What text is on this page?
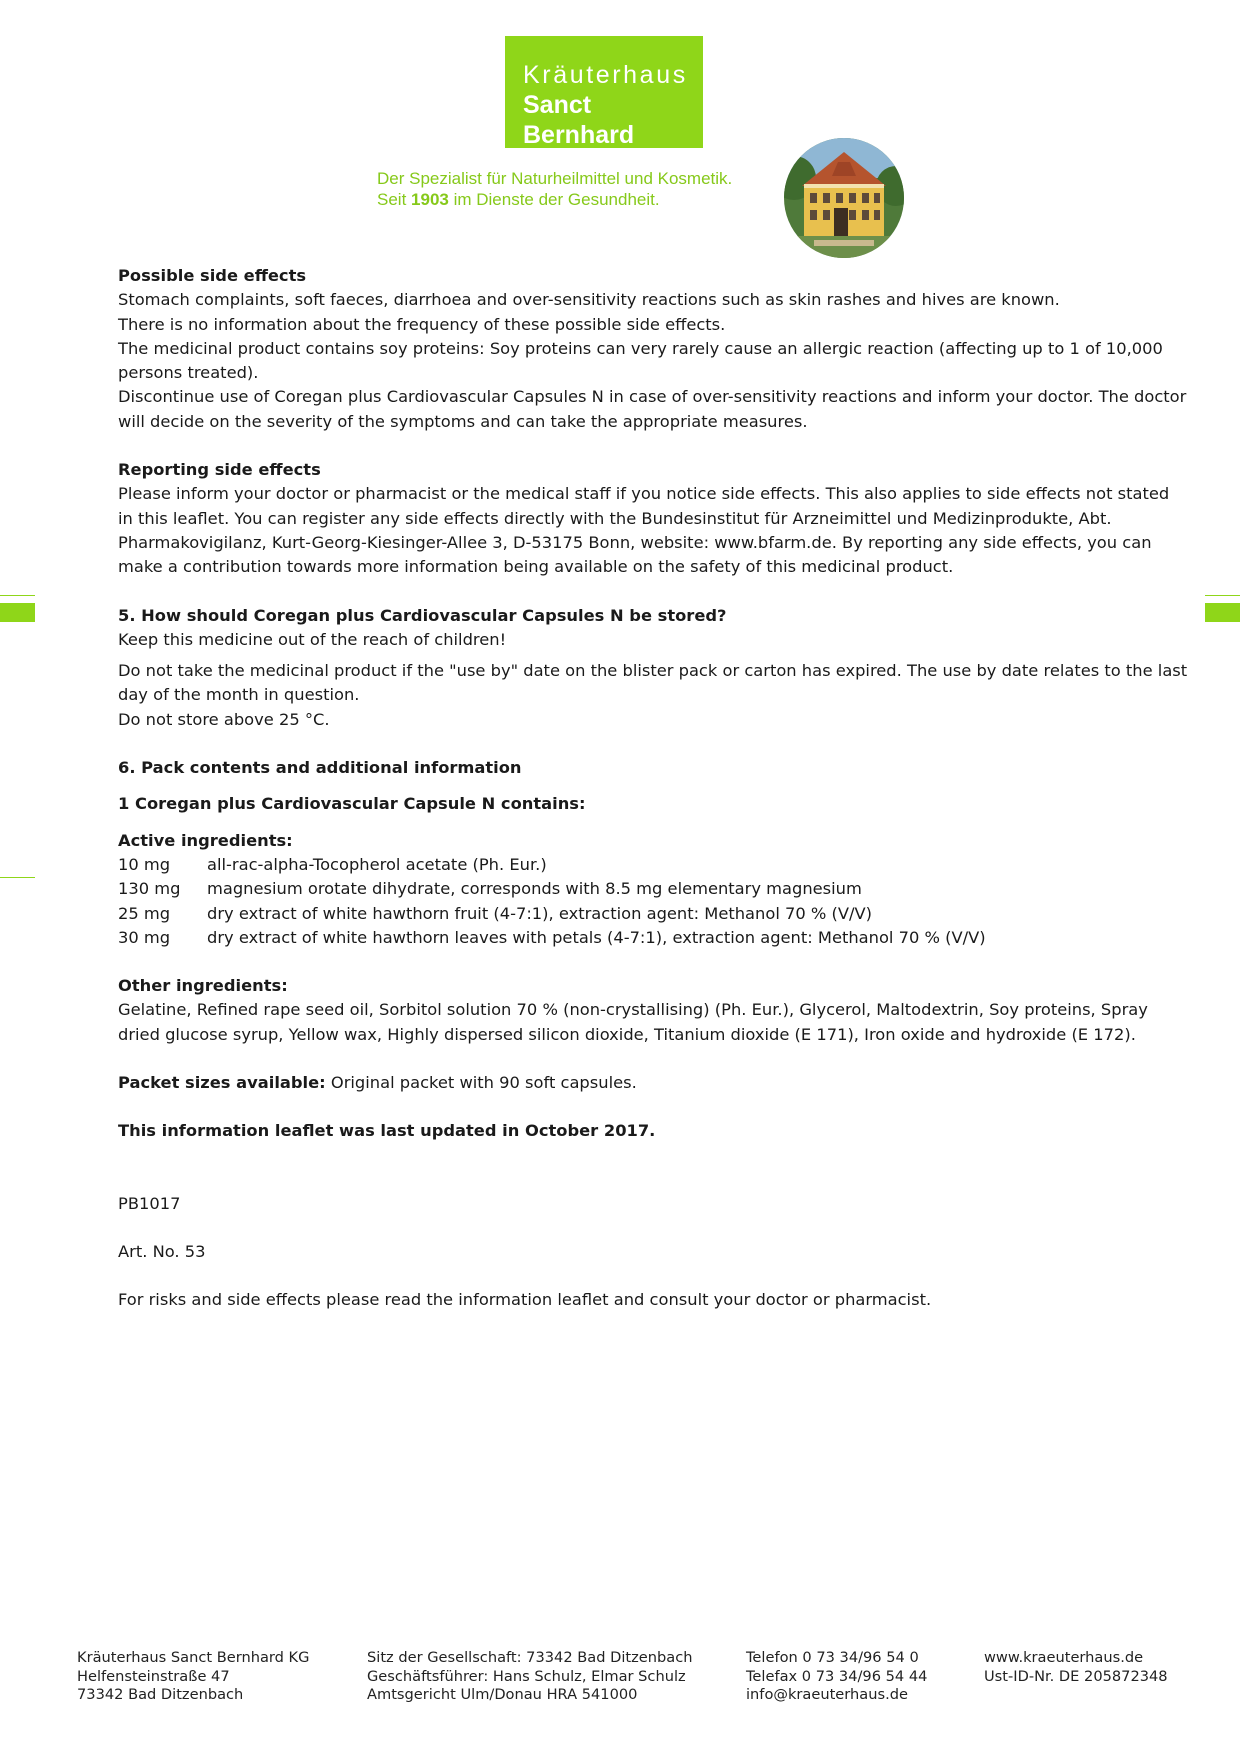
Kräuterhaus
Sanct Bernhard
Der Spezialist für Naturheilmittel und Kosmetik.
Seit 1903 im Dienste der Gesundheit.

Possible side effects

Stomach complaints, soft faeces, diarrhoea and over-sensitivity reactions such as skin rashes and hives are known.

There is no information about the frequency of these possible side effects.

The medicinal product contains soy proteins: Soy proteins can very rarely cause an allergic reaction (affecting up to 1 of 10,000 persons treated).

Discontinue use of Coregan plus Cardiovascular Capsules N in case of over-sensitivity reactions and inform your doctor. The doctor will decide on the severity of the symptoms and can take the appropriate measures.

Reporting side effects

Please inform your doctor or pharmacist or the medical staff if you notice side effects. This also applies to side effects not stated in this leaflet. You can register any side effects directly with the Bundesinstitut für Arzneimittel und Medizinprodukte, Abt. Pharmakovigilanz, Kurt-Georg-Kiesinger-Allee 3, D-53175 Bonn, website: www.bfarm.de. By reporting any side effects, you can make a contribution towards more information being available on the safety of this medicinal product.

5. How should Coregan plus Cardiovascular Capsules N be stored?

Keep this medicine out of the reach of children!

Do not take the medicinal product if the "use by" date on the blister pack or carton has expired. The use by date relates to the last day of the month in question.

Do not store above 25 °C.

6. Pack contents and additional information

1 Coregan plus Cardiovascular Capsule N contains:

Active ingredients:

10 mg	all-rac-alpha-Tocopherol acetate (Ph. Eur.)
130 mg	magnesium orotate dihydrate, corresponds with 8.5 mg elementary magnesium
25 mg	dry extract of white hawthorn fruit (4-7:1), extraction agent: Methanol 70 % (V/V)
30 mg	dry extract of white hawthorn leaves with petals (4-7:1), extraction agent: Methanol 70 % (V/V)

Other ingredients:

Gelatine, Refined rape seed oil, Sorbitol solution 70 % (non-crystallising) (Ph. Eur.), Glycerol, Maltodextrin, Soy proteins, Spray dried glucose syrup, Yellow wax, Highly dispersed silicon dioxide, Titanium dioxide (E 171), Iron oxide and hydroxide (E 172).

Packet sizes available: Original packet with 90 soft capsules.

This information leaflet was last updated in October 2017.

PB1017

Art. No. 53

For risks and side effects please read the information leaflet and consult your doctor or pharmacist.

Kräuterhaus Sanct Bernhard KG
Helfensteinstraße 47
73342 Bad Ditzenbach
Sitz der Gesellschaft: 73342 Bad Ditzenbach
Geschäftsführer: Hans Schulz, Elmar Schulz
Amtsgericht Ulm/Donau HRA 541000
Telefon 0 73 34/96 54 0
Telefax 0 73 34/96 54 44
info@kraeuterhaus.de
www.kraeuterhaus.de
Ust-ID-Nr. DE 205872348
